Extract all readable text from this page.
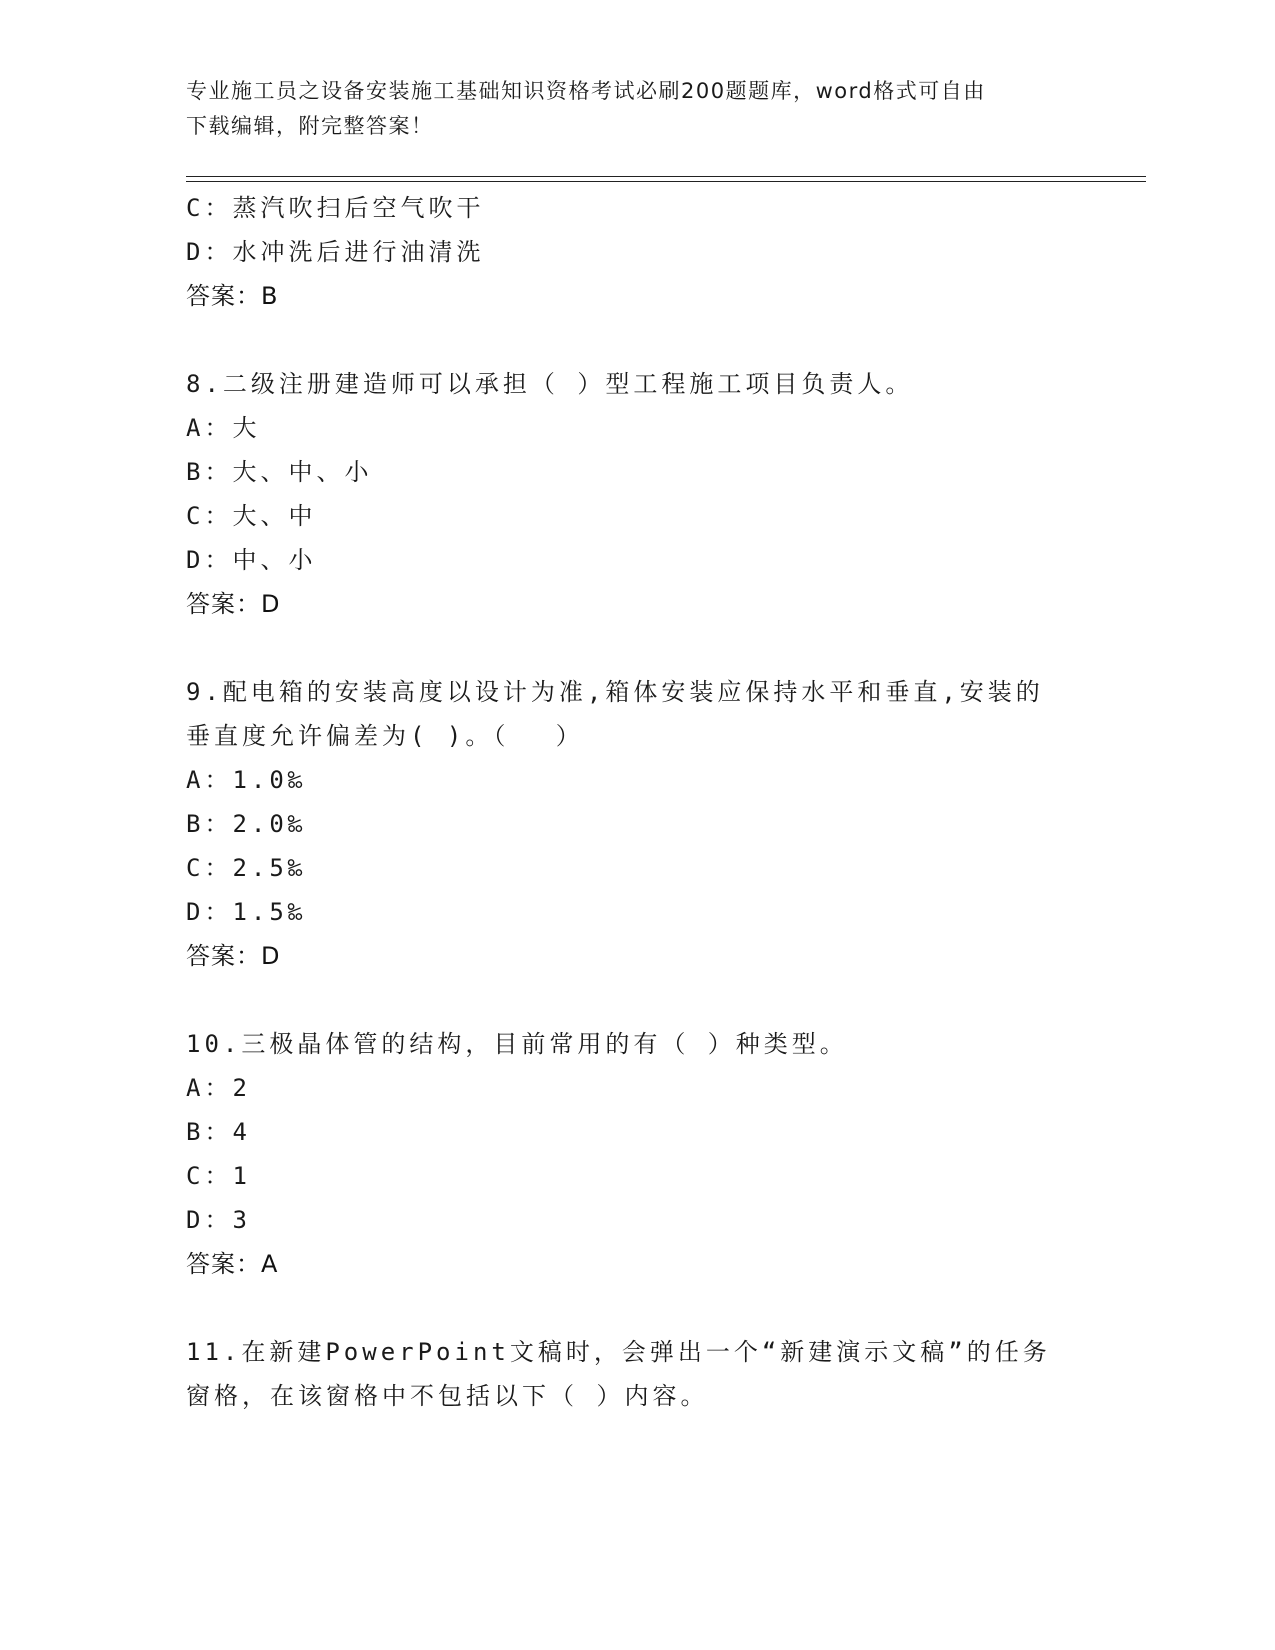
专业施工员之设备安装施工基础知识资格考试必刷200题题库，word格式可自由
下载编辑，附完整答案！
C：蒸汽吹扫后空气吹干
D：水冲洗后进行油清洗
答案：B
8.二级注册建造师可以承担（ ）型工程施工项目负责人。
A：大
B：大、中、小
C：大、中
D：中、小
答案：D
9.配电箱的安装高度以设计为准,箱体安装应保持水平和垂直,安装的
垂直度允许偏差为( )。（　 ）
A：1.0‰
B：2.0‰
C：2.5‰
D：1.5‰
答案：D
10.三极晶体管的结构，目前常用的有（ ）种类型。
A：2
B：4
C：1
D：3
答案：A
11.在新建PowerPoint文稿时，会弹出一个“新建演示文稿”的任务
窗格，在该窗格中不包括以下（ ）内容。
